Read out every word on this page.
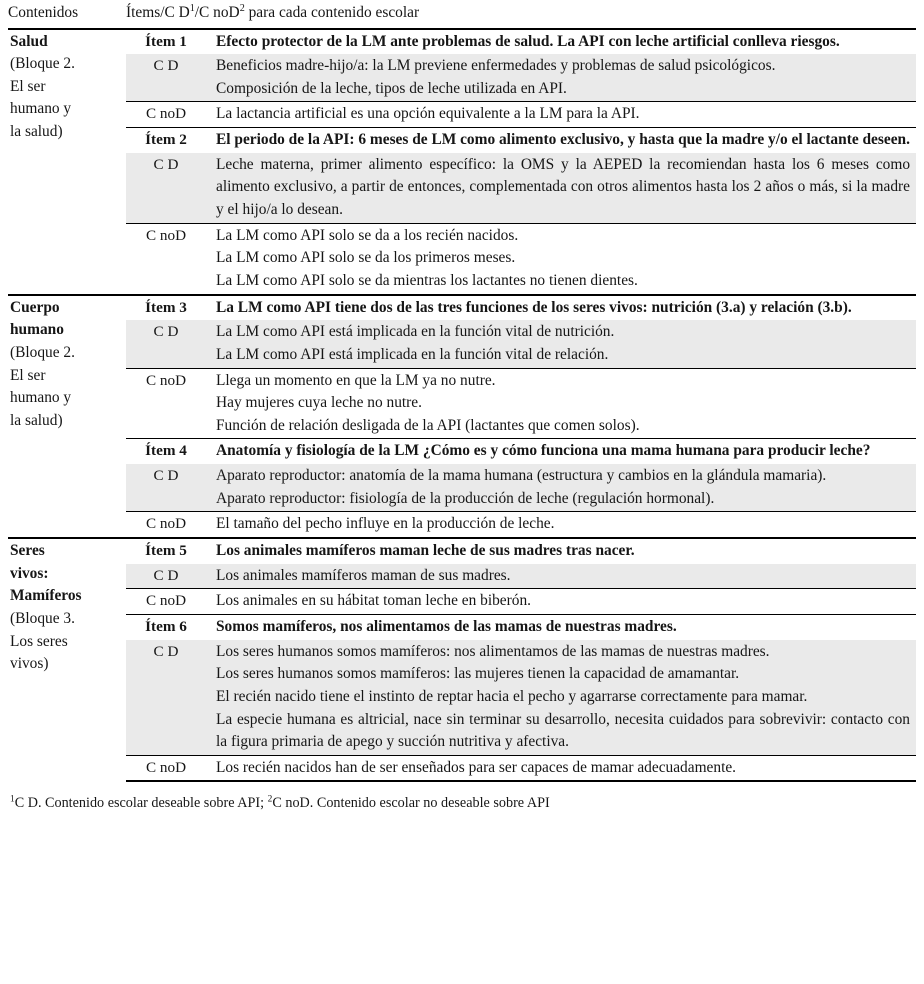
Contenidos	Ítems/C $D^1/C$ noD$^2$ para cada contenido escolar	

Salud
(Bloque 2.
El ser
humano y
la salud)	Ítem 1	Efecto protector de la LM ante problemas de salud. La API con leche artificial conlleva riesgos.
	C D	Beneficios madre-hijo/a: la LM previene enfermedades y problemas de salud psicológicos.
Composición de la leche, tipos de leche utilizada en API.

	C noD	La lactancia artificial es una opción equivalente a la LM para la API.

	Ítem 2	El periodo de la API: 6 meses de LM como alimento exclusivo, y hasta que la madre y/o el lactante deseen.
	C D	Leche materna, primer alimento específico: la OMS y la AEPED la recomiendan hasta los 6 meses como alimento exclusivo, a partir de entonces, complementada con otros alimentos hasta los 2 años o más, si la madre y el hijo/a lo desean.

	C noD	La LM como API solo se da a los recién nacidos.
La LM como API solo se da los primeros meses.
La LM como API solo se da mientras los lactantes no tienen dientes.

Cuerpo
humano
(Bloque 2.
El ser
humano y
la salud)
	Ítem 3	La LM como API tiene dos de las tres funciones de los seres vivos: nutrición (3.a) y relación (3.b).
	C D	La LM como API está implicada en la función vital de nutrición.
La LM como API está implicada en la función vital de relación.

	C noD	Llega un momento en que la LM ya no nutre.
Hay mujeres cuya leche no nutre.
Función de relación desligada de la API (lactantes que comen solos).

	Ítem 4	Anatomía y fisiología de la LM ¿Cómo es y cómo funciona una mama humana para producir leche?
	C D	Aparato reproductor: anatomía de la mama humana (estructura y cambios en la glándula mamaria).
Aparato reproductor: fisiología de la producción de leche (regulación hormonal).

	C noD	El tamaño del pecho influye en la producción de leche.

Seres
vivos:
Mamíferos
(Bloque 3.
Los seres
vivos)
	Ítem 5	Los animales mamíferos maman leche de sus madres tras nacer.
	C D	Los animales mamíferos maman de sus madres.

	C noD	Los animales en su hábitat toman leche en biberón.

	Ítem 6	Somos mamíferos, nos alimentamos de las mamas de nuestras madres.
	C D	Los seres humanos somos mamíferos: nos alimentamos de las mamas de nuestras madres.
Los seres humanos somos mamíferos: las mujeres tienen la capacidad de amamantar.
El recién nacido tiene el instinto de reptar hacia el pecho y agarrarse correctamente para mamar.
La especie humana es altricial, nace sin terminar su desarrollo, necesita cuidados para sobrevivir: contacto con la figura primaria de apego y succión nutritiva y afectiva.

	C noD	Los recién nacidos han de ser enseñados para ser capaces de mamar adecuadamente.
$^1$C D. Contenido escolar deseable sobre API; $^2$C noD. Contenido escolar no deseable sobre API
